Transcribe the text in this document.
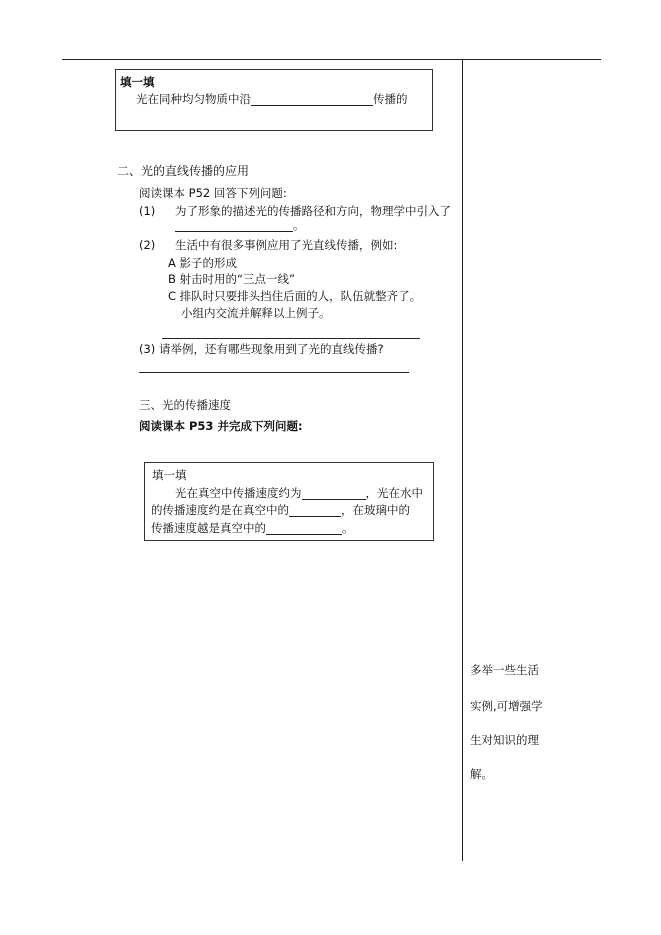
填一填
光在同种均匀物质中沿	传播的
二、光的直线传播的应用
阅读课本 P52 回答下列问题:
(1) 为了形象的描述光的传播路径和方向，物理学中引入了
。
(2) 生活中有很多事例应用了光直线传播，例如:
A 影子的形成
B 射击时用的“三点一线”
C 排队时只要排头挡住后面的人，队伍就整齐了。
小组内交流并解释以上例子。
(3) 请举例，还有哪些现象用到了光的直线传播?
三、光的传播速度
阅读课本 P53 并完成下列问题:
填一填
光在真空中传播速度约为	，光在水中
的传播速度约是在真空中的	，在玻璃中的
传播速度越是真空中的	。
多举一些生活
实例,可增强学
生对知识的理
解。
